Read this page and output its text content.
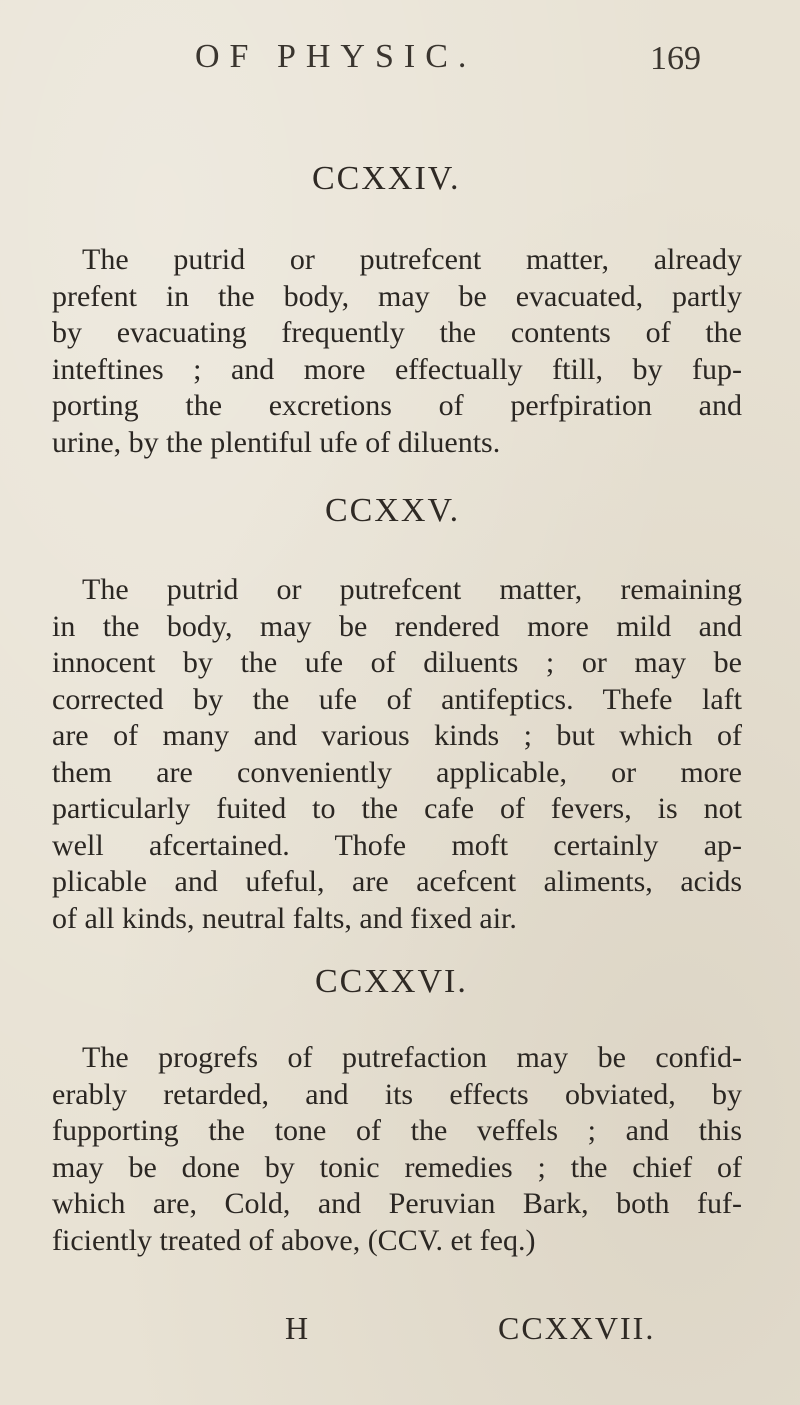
OF PHYSIC.	169
CCXXIV.
The putrid or putrefcent matter, already
prefent in the body, may be evacuated, partly
by evacuating frequently the contents of the
inteftines ; and more effectually ftill, by fup-
porting the excretions of perfpiration and
urine, by the plentiful ufe of diluents.
CCXXV.
The putrid or putrefcent matter, remaining
in the body, may be rendered more mild and
innocent by the ufe of diluents ; or may be
corrected by the ufe of antifeptics. Thefe laft
are of many and various kinds ; but which of
them are conveniently applicable, or more
particularly fuited to the cafe of fevers, is not
well afcertained. Thofe moft certainly ap-
plicable and ufeful, are acefcent aliments, acids
of all kinds, neutral falts, and fixed air.
CCXXVI.
The progrefs of putrefaction may be confid-
erably retarded, and its effects obviated, by
fupporting the tone of the veffels ; and this
may be done by tonic remedies ; the chief of
which are, Cold, and Peruvian Bark, both fuf-
ficiently treated of above, (CCV. et feq.)
H	CCXXVII.
